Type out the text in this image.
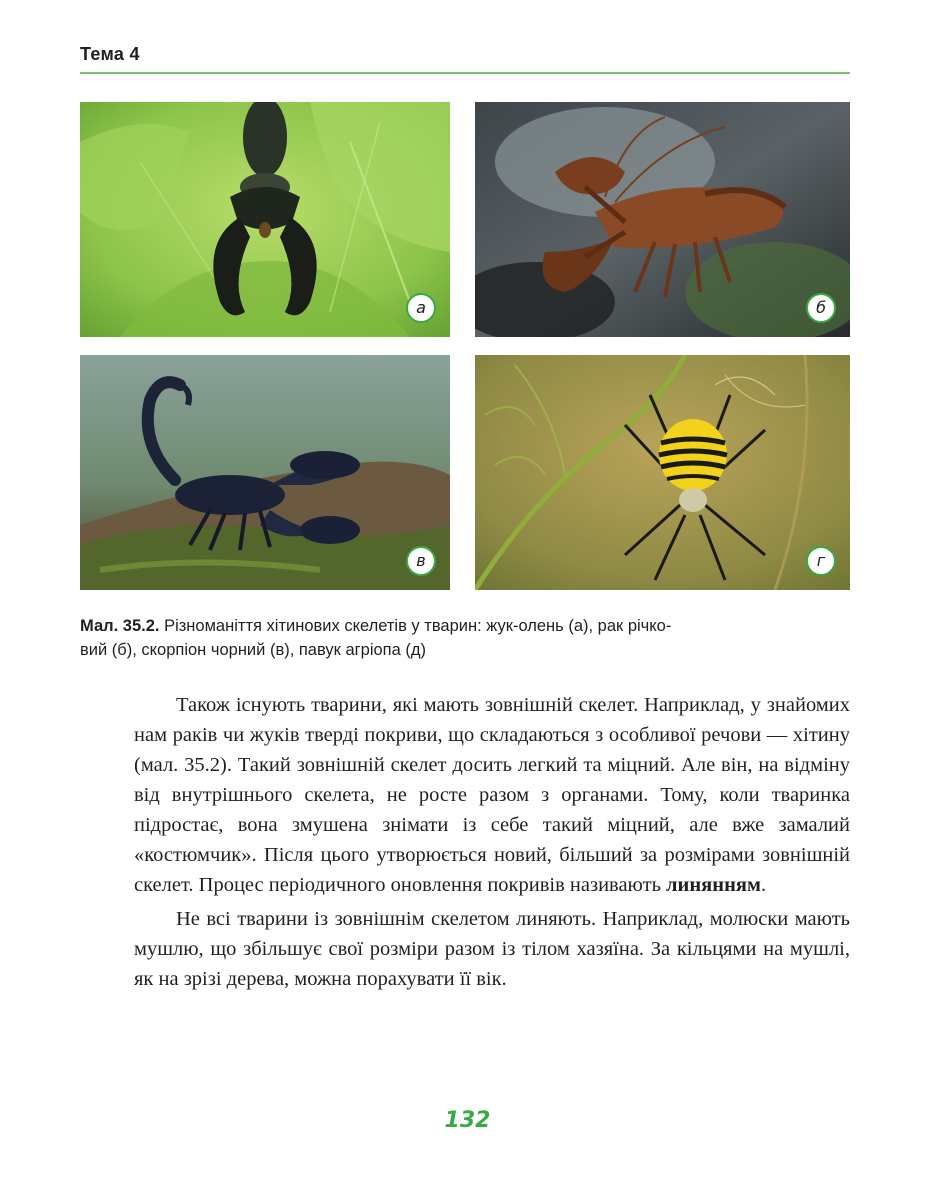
Тема 4
а	б
в	г
Мал. 35.2. Різноманіття хітинових скелетів у тварин: жук-олень (а), рак річко-
вий (б), скорпіон чорний (в), павук агріопа (д)

Також існують тварини, які мають зовнішній скелет. Наприклад, у знайомих нам раків чи жуків тверді покриви, що складаються з особливої речови — хітину (мал. 35.2). Такий зовнішній скелет досить легкий та міцний. Але він, на відміну від внутрішнього скелета, не росте разом з органами. Тому, коли тваринка підростає, вона змушена знімати із себе такий міцний, але вже замалий «костюмчик». Після цього утворюється новий, більший за розмірами зовнішній скелет. Процес періодичного оновлення покривів називають линянням.

Не всі тварини із зовнішнім скелетом линяють. Наприклад, молюски мають мушлю, що збільшує свої розміри разом із тілом хазяїна. За кільцями на мушлі, як на зрізі дерева, можна порахувати її вік.

132
